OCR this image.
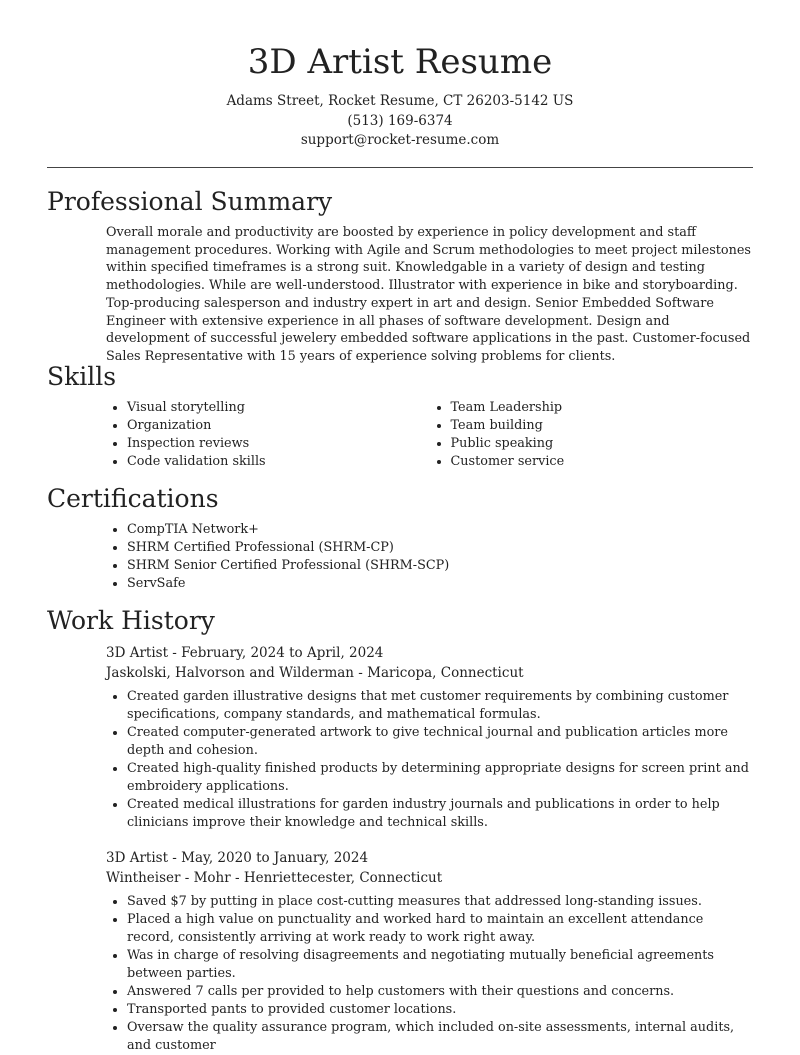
3D Artist Resume
Adams Street, Rocket Resume, CT 26203-5142 US
(513) 169-6374
support@rocket-resume.com
Professional Summary

Overall morale and productivity are boosted by experience in policy development and staff management procedures. Working with Agile and Scrum methodologies to meet project milestones within specified timeframes is a strong suit. Knowledgable in a variety of design and testing methodologies. While are well-understood. Illustrator with experience in bike and storyboarding. Top-producing salesperson and industry expert in art and design. Senior Embedded Software Engineer with extensive experience in all phases of software development. Design and development of successful jewelery embedded software applications in the past. Customer-focused Sales Representative with 15 years of experience solving problems for clients.

Skills
• Visual storytelling
• Organization
• Inspection reviews
• Code validation skills
• Team Leadership
• Team building
• Public speaking
• Customer service
Certifications
• CompTIA Network+
• SHRM Certified Professional (SHRM-CP)
• SHRM Senior Certified Professional (SHRM-SCP)
• ServSafe
Work History
3D Artist - February, 2024 to April, 2024
Jaskolski, Halvorson and Wilderman - Maricopa, Connecticut
• Created garden illustrative designs that met customer requirements by combining customer specifications, company standards, and mathematical formulas.
• Created computer-generated artwork to give technical journal and publication articles more depth and cohesion.
• Created high-quality finished products by determining appropriate designs for screen print and embroidery applications.
• Created medical illustrations for garden industry journals and publications in order to help clinicians improve their knowledge and technical skills.
3D Artist - May, 2020 to January, 2024
Wintheiser - Mohr - Henriettecester, Connecticut
• Saved $7 by putting in place cost-cutting measures that addressed long-standing issues.
• Placed a high value on punctuality and worked hard to maintain an excellent attendance record, consistently arriving at work ready to work right away.
• Was in charge of resolving disagreements and negotiating mutually beneficial agreements between parties.
• Answered 7 calls per provided to help customers with their questions and concerns.
• Transported pants to provided customer locations.
• Oversaw the quality assurance program, which included on-site assessments, internal audits, and customer
